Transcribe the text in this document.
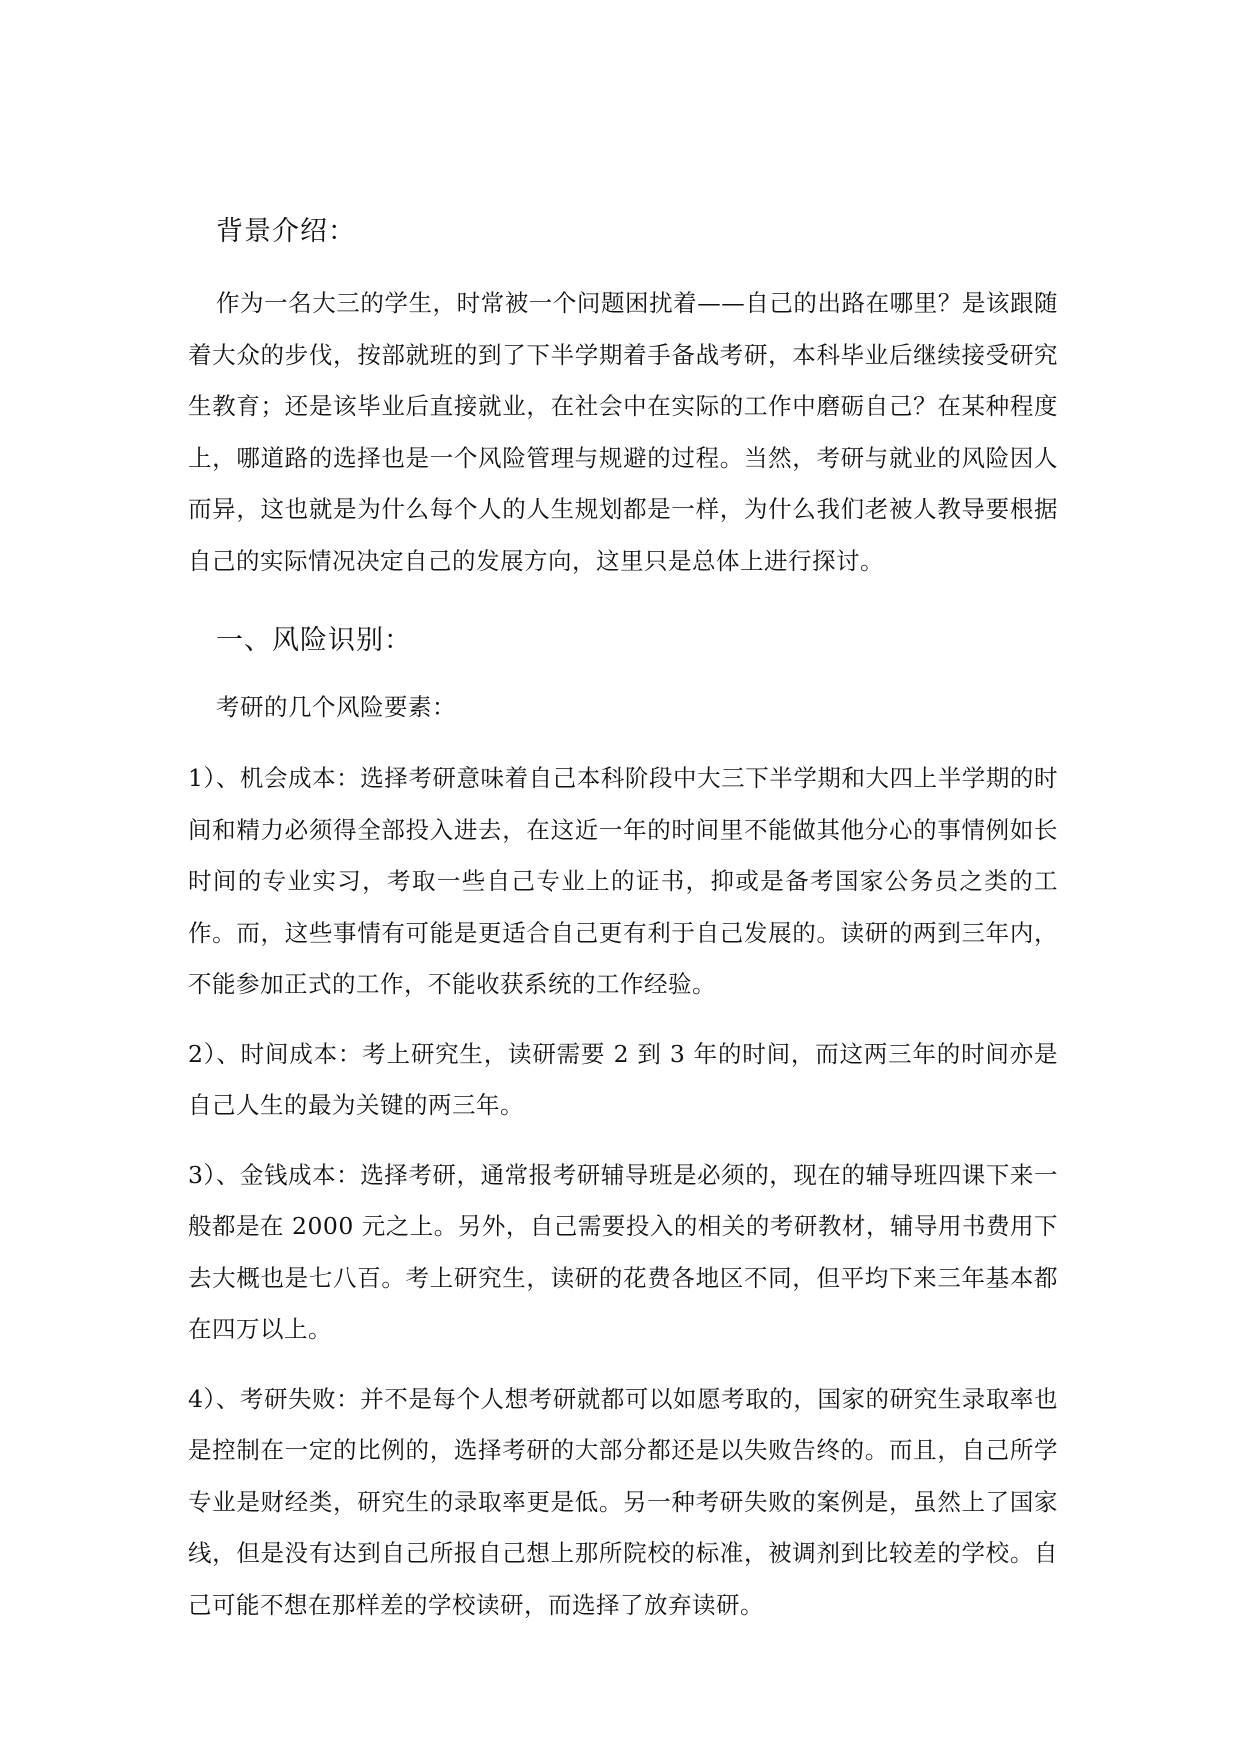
背景介绍：

作为一名大三的学生，时常被一个问题困扰着——自己的出路在哪里？是该跟随着大众的步伐，按部就班的到了下半学期着手备战考研，本科毕业后继续接受研究生教育；还是该毕业后直接就业，在社会中在实际的工作中磨砺自己？在某种程度上，哪道路的选择也是一个风险管理与规避的过程。当然，考研与就业的风险因人而异，这也就是为什么每个人的人生规划都是一样，为什么我们老被人教导要根据自己的实际情况决定自己的发展方向，这里只是总体上进行探讨。

一、风险识别：

考研的几个风险要素：

1）、机会成本：选择考研意味着自己本科阶段中大三下半学期和大四上半学期的时间和精力必须得全部投入进去，在这近一年的时间里不能做其他分心的事情例如长时间的专业实习，考取一些自己专业上的证书，抑或是备考国家公务员之类的工作。而，这些事情有可能是更适合自己更有利于自己发展的。读研的两到三年内，不能参加正式的工作，不能收获系统的工作经验。

2）、时间成本：考上研究生，读研需要 2 到 3 年的时间，而这两三年的时间亦是自己人生的最为关键的两三年。

3）、金钱成本：选择考研，通常报考研辅导班是必须的，现在的辅导班四课下来一般都是在 2000 元之上。另外，自己需要投入的相关的考研教材，辅导用书费用下去大概也是七八百。考上研究生，读研的花费各地区不同，但平均下来三年基本都在四万以上。

4）、考研失败：并不是每个人想考研就都可以如愿考取的，国家的研究生录取率也是控制在一定的比例的，选择考研的大部分都还是以失败告终的。而且，自己所学专业是财经类，研究生的录取率更是低。另一种考研失败的案例是，虽然上了国家线，但是没有达到自己所报自己想上那所院校的标准，被调剂到比较差的学校。自己可能不想在那样差的学校读研，而选择了放弃读研。
